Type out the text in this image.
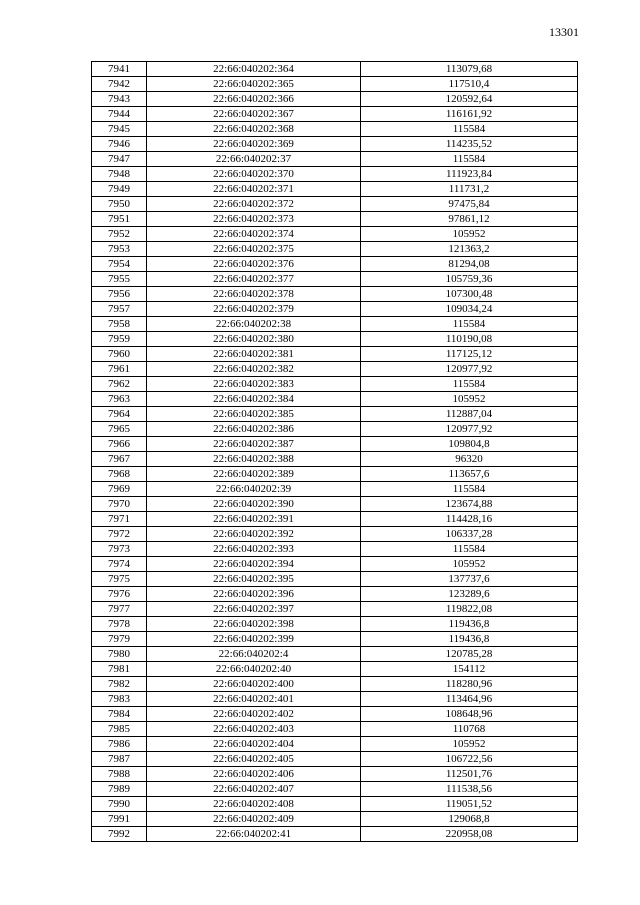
13301
7941	22:66:040202:364	113079,68
7942	22:66:040202:365	117510,4
7943	22:66:040202:366	120592,64
7944	22:66:040202:367	116161,92
7945	22:66:040202:368	115584
7946	22:66:040202:369	114235,52
7947	22:66:040202:37	115584
7948	22:66:040202:370	111923,84
7949	22:66:040202:371	111731,2
7950	22:66:040202:372	97475,84
7951	22:66:040202:373	97861,12
7952	22:66:040202:374	105952
7953	22:66:040202:375	121363,2
7954	22:66:040202:376	81294,08
7955	22:66:040202:377	105759,36
7956	22:66:040202:378	107300,48
7957	22:66:040202:379	109034,24
7958	22:66:040202:38	115584
7959	22:66:040202:380	110190,08
7960	22:66:040202:381	117125,12
7961	22:66:040202:382	120977,92
7962	22:66:040202:383	115584
7963	22:66:040202:384	105952
7964	22:66:040202:385	112887,04
7965	22:66:040202:386	120977,92
7966	22:66:040202:387	109804,8
7967	22:66:040202:388	96320
7968	22:66:040202:389	113657,6
7969	22:66:040202:39	115584
7970	22:66:040202:390	123674,88
7971	22:66:040202:391	114428,16
7972	22:66:040202:392	106337,28
7973	22:66:040202:393	115584
7974	22:66:040202:394	105952
7975	22:66:040202:395	137737,6
7976	22:66:040202:396	123289,6
7977	22:66:040202:397	119822,08
7978	22:66:040202:398	119436,8
7979	22:66:040202:399	119436,8
7980	22:66:040202:4	120785,28
7981	22:66:040202:40	154112
7982	22:66:040202:400	118280,96
7983	22:66:040202:401	113464,96
7984	22:66:040202:402	108648,96
7985	22:66:040202:403	110768
7986	22:66:040202:404	105952
7987	22:66:040202:405	106722,56
7988	22:66:040202:406	112501,76
7989	22:66:040202:407	111538,56
7990	22:66:040202:408	119051,52
7991	22:66:040202:409	129068,8
7992	22:66:040202:41	220958,08
